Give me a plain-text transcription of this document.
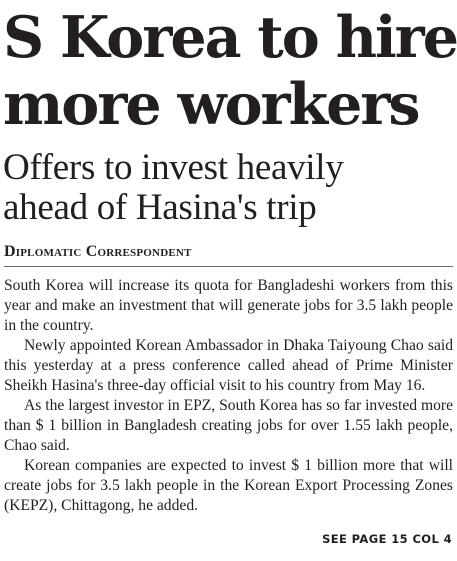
S Korea to hire
more workers
Offers to invest heavily
ahead of Hasina's trip
Diplomatic Correspondent

South Korea will increase its quota for Bangladeshi workers from this year and make an investment that will generate jobs for 3.5 lakh people in the country.

Newly appointed Korean Ambassador in Dhaka Taiyoung Chao said this yesterday at a press conference called ahead of Prime Minister Sheikh Hasina's three-day official visit to his country from May 16.

As the largest investor in EPZ, South Korea has so far invested more than $ 1 billion in Bangladesh creating jobs for over 1.55 lakh people, Chao said.

Korean companies are expected to invest $ 1 billion more that will create jobs for 3.5 lakh people in the Korean Export Processing Zones (KEPZ), Chittagong, he added.

SEE PAGE 15 COL 4
